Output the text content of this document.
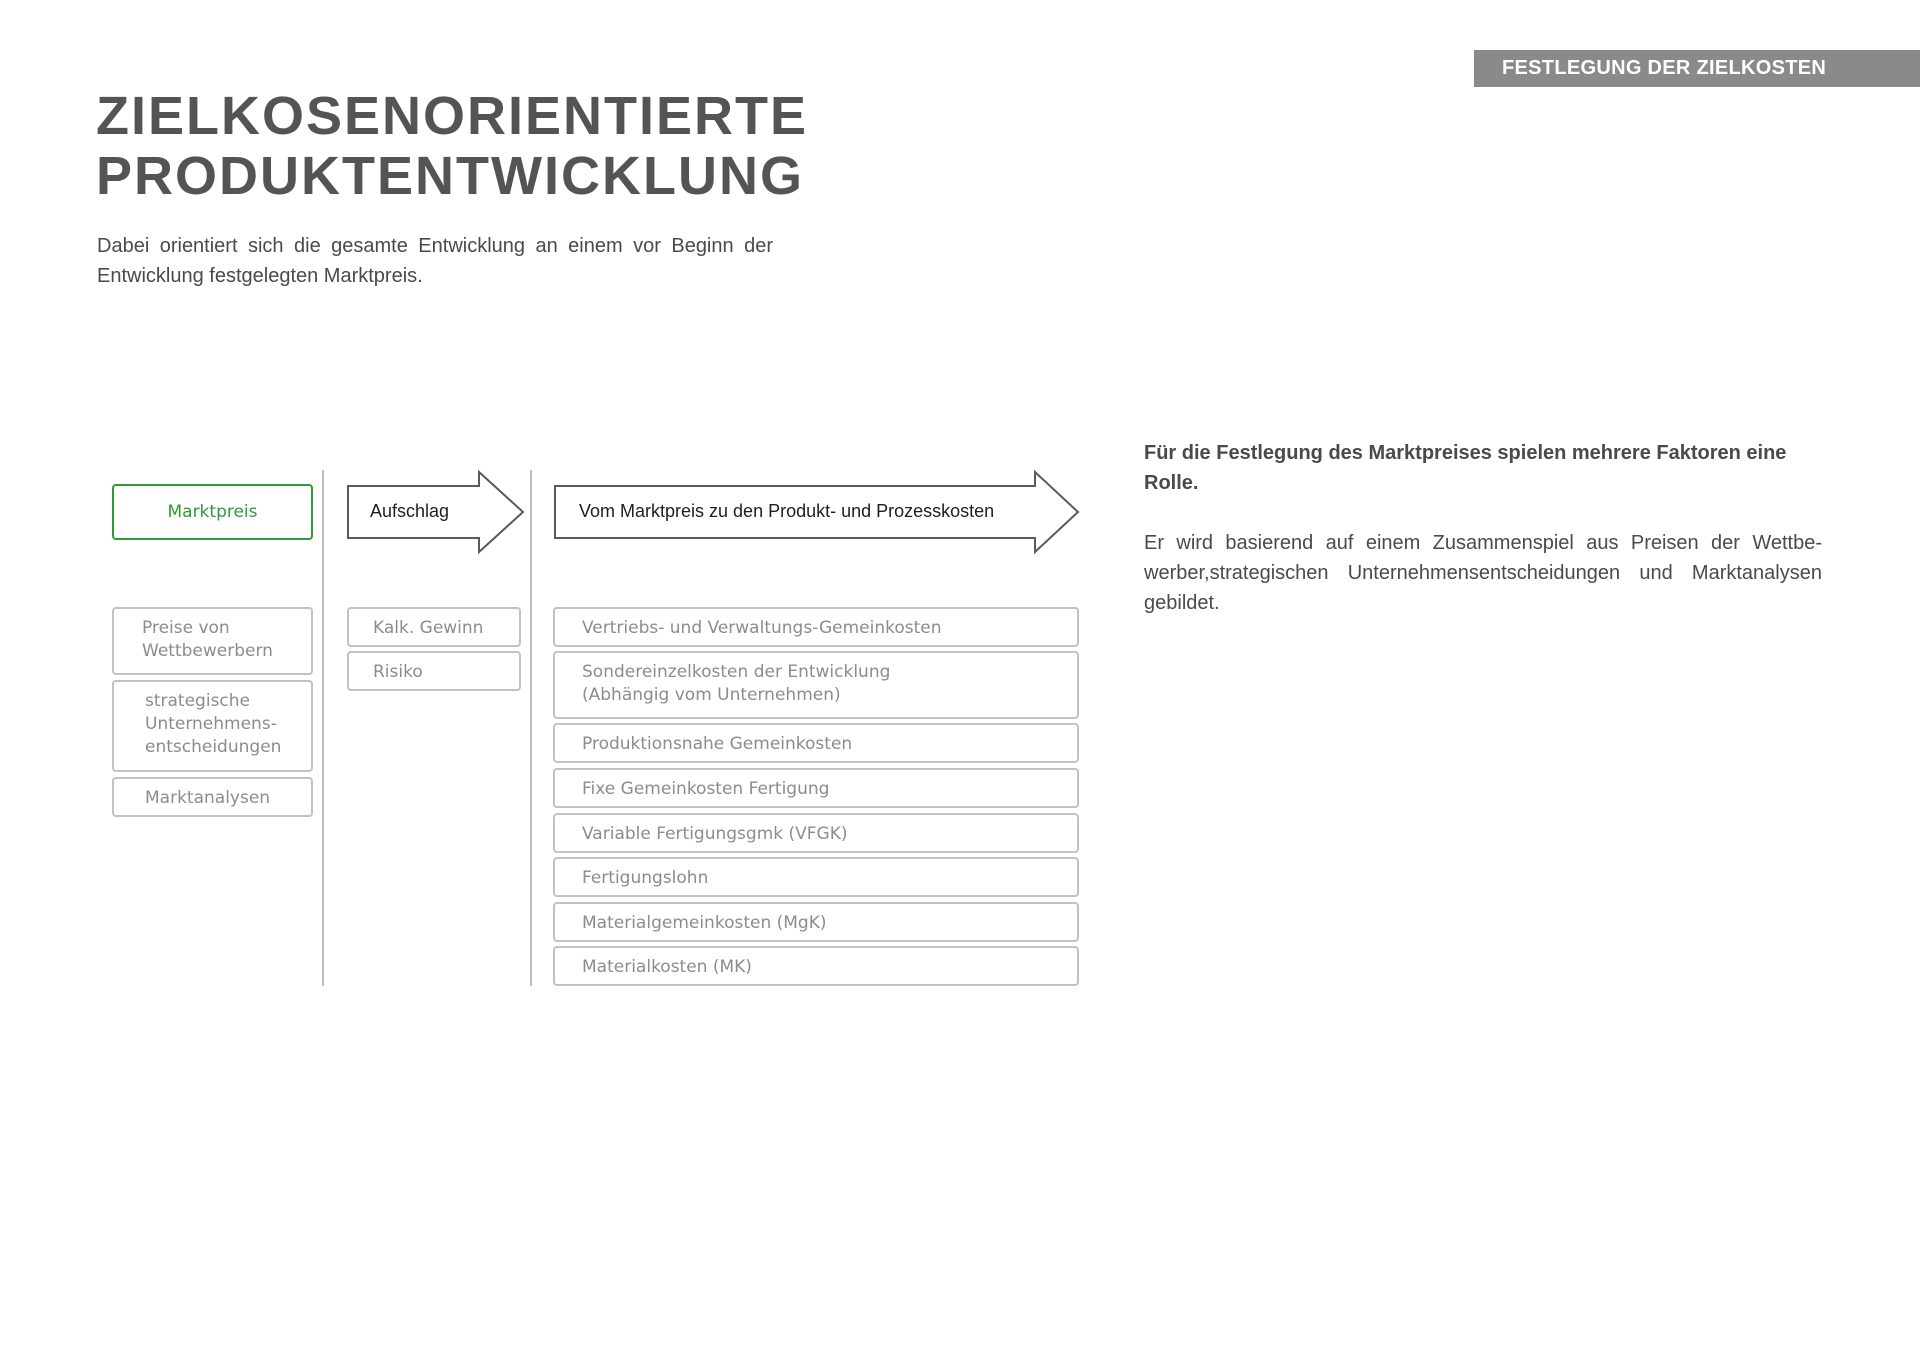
FESTLEGUNG DER ZIELKOSTEN
ZIELKOSENORIENTIERTE
PRODUKTENTWICKLUNG

Dabei orientiert sich die gesamte Entwicklung an einem vor Beginn der Entwicklung festgelegten Marktpreis.

Marktpreis
Preise von
Wettbewerbern
strategische
Unternehmens-
entscheidungen
Marktanalysen
Aufschlag
Kalk. Gewinn
Risiko
Vom Marktpreis zu den Produkt- und Prozesskosten
Vertriebs- und Verwaltungs-Gemeinkosten
Sondereinzelkosten der Entwicklung
(Abhängig vom Unternehmen)
Produktionsnahe Gemeinkosten
Fixe Gemeinkosten Fertigung
Variable Fertigungsgmk (VFGK)
Fertigungslohn
Materialgemeinkosten (MgK)
Materialkosten (MK)

Für die Festlegung des Marktpreises spielen mehrere Faktoren eine Rolle.

Er wird basierend auf einem Zusammenspiel aus Preisen der Wettbe-werber,strategischen Unternehmensentscheidungen und Marktanalysen gebildet.
